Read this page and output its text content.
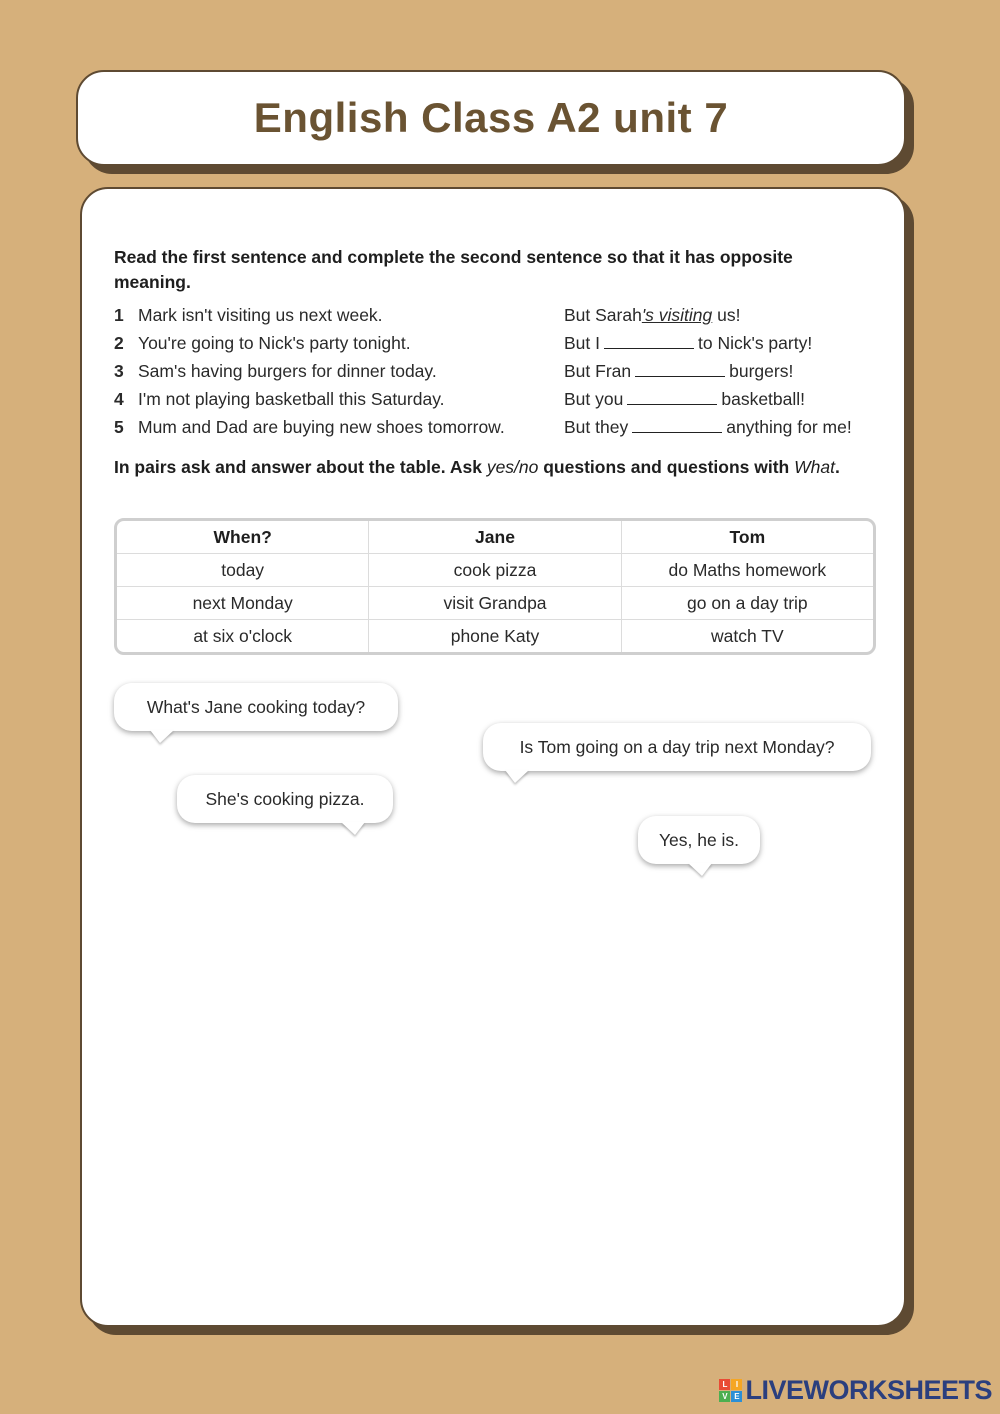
English Class A2 unit 7
Read the first sentence and complete the second sentence so that it has opposite meaning.
1 Mark isn't visiting us next week.	But Sarah's visiting us!
2 You're going to Nick's party tonight.	But I	to Nick's party!
3 Sam's having burgers for dinner today.	But Fran	burgers!
4 I'm not playing basketball this Saturday.	But you	basketball!
5 Mum and Dad are buying new shoes tomorrow.	But they	anything for me!
In pairs ask and answer about the table. Ask yes/no questions and questions with What.
When?	Jane	Tom
today	cook pizza	do Maths homework
next Monday	visit Grandpa	go on a day trip
at six o'clock	phone Katy	watch TV
What's Jane cooking today?
She's cooking pizza.
Is Tom going on a day trip next Monday?
Yes, he is.
L	I
V E LIVEWORKSHEETS
